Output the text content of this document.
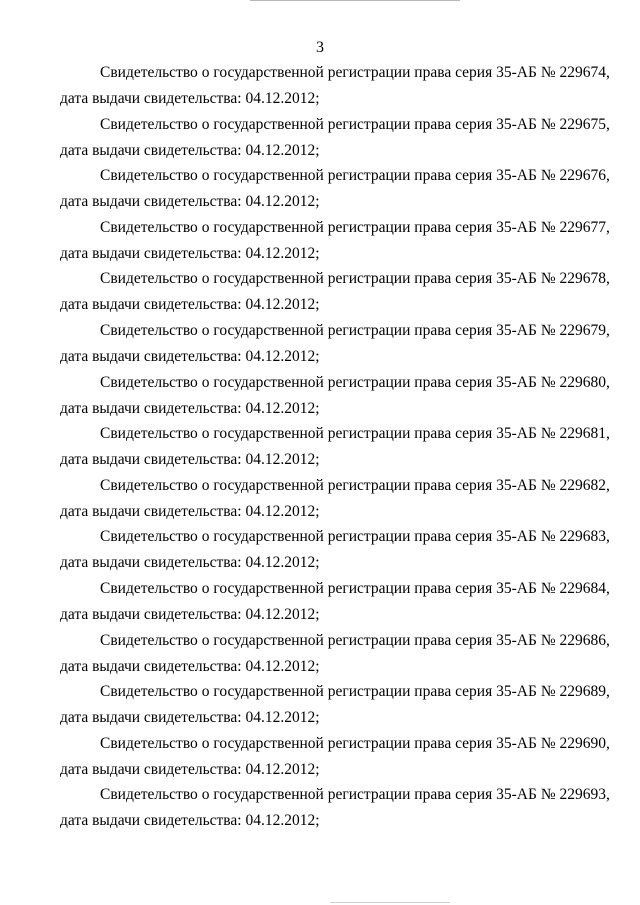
3
Свидетельство о государственной регистрации права серия 35-АБ № 229674,
дата выдачи свидетельства: 04.12.2012;
Свидетельство о государственной регистрации права серия 35-АБ № 229675,
дата выдачи свидетельства: 04.12.2012;
Свидетельство о государственной регистрации права серия 35-АБ № 229676,
дата выдачи свидетельства: 04.12.2012;
Свидетельство о государственной регистрации права серия 35-АБ № 229677,
дата выдачи свидетельства: 04.12.2012;
Свидетельство о государственной регистрации права серия 35-АБ № 229678,
дата выдачи свидетельства: 04.12.2012;
Свидетельство о государственной регистрации права серия 35-АБ № 229679,
дата выдачи свидетельства: 04.12.2012;
Свидетельство о государственной регистрации права серия 35-АБ № 229680,
дата выдачи свидетельства: 04.12.2012;
Свидетельство о государственной регистрации права серия 35-АБ № 229681,
дата выдачи свидетельства: 04.12.2012;
Свидетельство о государственной регистрации права серия 35-АБ № 229682,
дата выдачи свидетельства: 04.12.2012;
Свидетельство о государственной регистрации права серия 35-АБ № 229683,
дата выдачи свидетельства: 04.12.2012;
Свидетельство о государственной регистрации права серия 35-АБ № 229684,
дата выдачи свидетельства: 04.12.2012;
Свидетельство о государственной регистрации права серия 35-АБ № 229686,
дата выдачи свидетельства: 04.12.2012;
Свидетельство о государственной регистрации права серия 35-АБ № 229689,
дата выдачи свидетельства: 04.12.2012;
Свидетельство о государственной регистрации права серия 35-АБ № 229690,
дата выдачи свидетельства: 04.12.2012;
Свидетельство о государственной регистрации права серия 35-АБ № 229693,
дата выдачи свидетельства: 04.12.2012;
